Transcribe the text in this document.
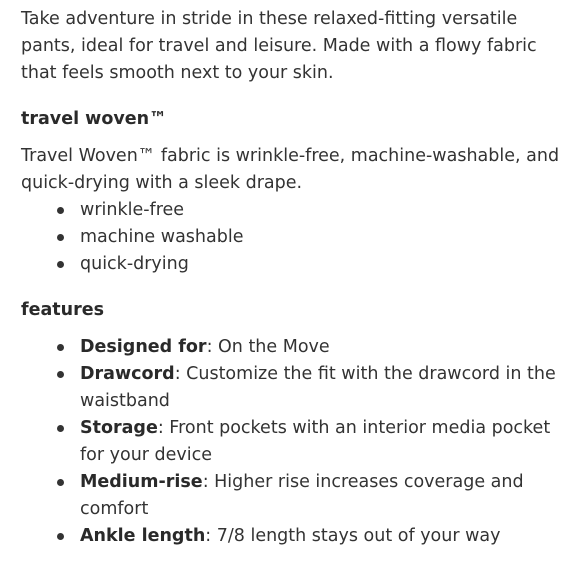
Take adventure in stride in these relaxed-fitting versatile pants, ideal for travel and leisure. Made with a flowy fabric that feels smooth next to your skin.

travel woven™

Travel Woven™ fabric is wrinkle-free, machine-washable, and quick-drying with a sleek drape.

wrinkle-free
machine washable
quick-drying
features
Designed for: On the Move
Drawcord: Customize the fit with the drawcord in the waistband
Storage: Front pockets with an interior media pocket for your device
Medium-rise: Higher rise increases coverage and comfort
Ankle length: 7/8 length stays out of your way
